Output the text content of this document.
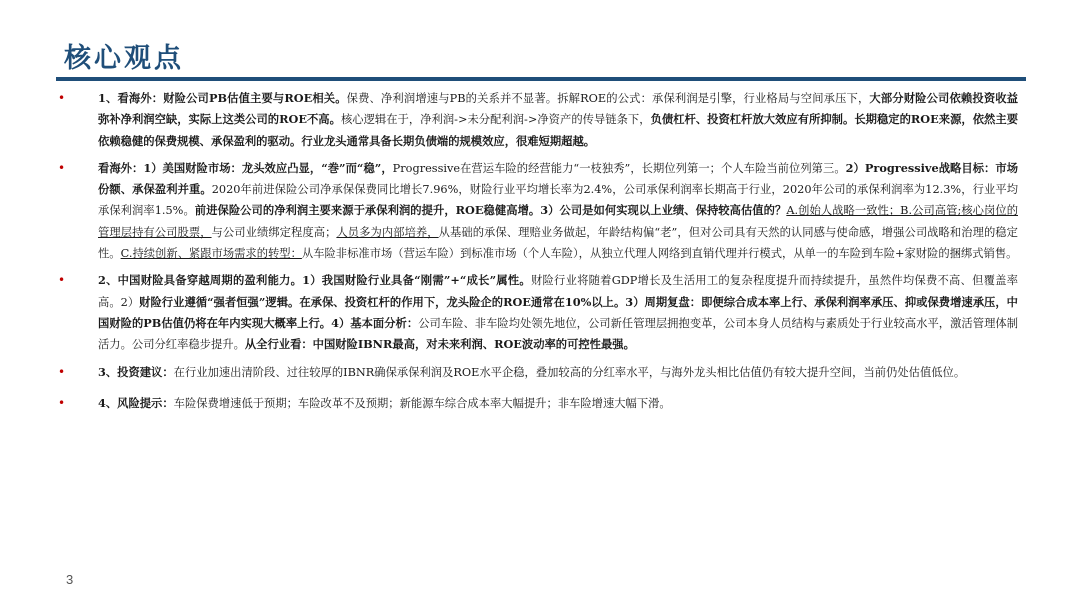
核心观点
•	1、看海外：财险公司PB估值主要与ROE相关。保费、净利润增速与PB的关系并不显著。拆解ROE的公式：承保利润是引擎，行业格局与空间承压下，大部分财险公司依赖投资收益弥补净利润空缺，实际上这类公司的ROE不高。核心逻辑在于，净利润->未分配利润->净资产的传导链条下，负债杠杆、投资杠杆放大效应有所抑制。长期稳定的ROE来源，依然主要依赖稳健的保费规模、承保盈利的驱动。行业龙头通常具备长期负债端的规模效应，很难短期超越。
•	看海外：1）美国财险市场：龙头效应凸显，“巻”而“稳”，Progressive在营运车险的经营能力“一枝独秀”，长期位列第一；个人车险当前位列第三。2）Progressive战略目标：市场份额、承保盈利并重。2020年前进保险公司净承保保费同比增长7.96%，财险行业平均增长率为2.4%，公司承保利润率长期高于行业，2020年公司的承保利润率为12.3%，行业平均承保利润率1.5%。前进保险公司的净利润主要来源于承保利润的提升，ROE稳健高增。3）公司是如何实现以上业绩、保持较高估值的？A.创始人战略一致性；B.公司高管;核心岗位的管理层持有公司股票，与公司业绩绑定程度高；人员多为内部培养，从基础的承保、理赔业务做起，年龄结构偏“老”，但对公司具有天然的认同感与使命感，增强公司战略和治理的稳定性。C.持续创新、紧跟市场需求的转型：从车险非标准市场（营运车险）到标准市场（个人车险），从独立代理人网络到直销代理并行模式，从单一的车险到车险+家财险的捆绑式销售。
•	2、中国财险具备穿越周期的盈利能力。1）我国财险行业具备“刚需”+“成长”属性。财险行业将随着GDP增长及生活用工的复杂程度提升而持续提升，虽然件均保费不高、但覆盖率高。2）财险行业遵循“强者恒强”逻辑。在承保、投资杠杆的作用下，龙头险企的ROE通常在10%以上。3）周期复盘：即便综合成本率上行、承保利润率承压、抑或保费增速承压，中国财险的PB估值仍将在年内实现大概率上行。4）基本面分析：公司车险、非车险均处领先地位，公司新任管理层拥抱变革，公司本身人员结构与素质处于行业较高水平，激活管理体制活力。公司分红率稳步提升。从全行业看：中国财险IBNR最高，对未来利润、ROE波动率的可控性最强。
•	3、投资建议：在行业加速出清阶段、过往较厚的IBNR确保承保利润及ROE水平企稳，叠加较高的分红率水平，与海外龙头相比估值仍有较大提升空间，当前仍处估值低位。
•	4、风险提示：车险保费增速低于预期；车险改革不及预期；新能源车综合成本率大幅提升；非车险增速大幅下滑。
3
